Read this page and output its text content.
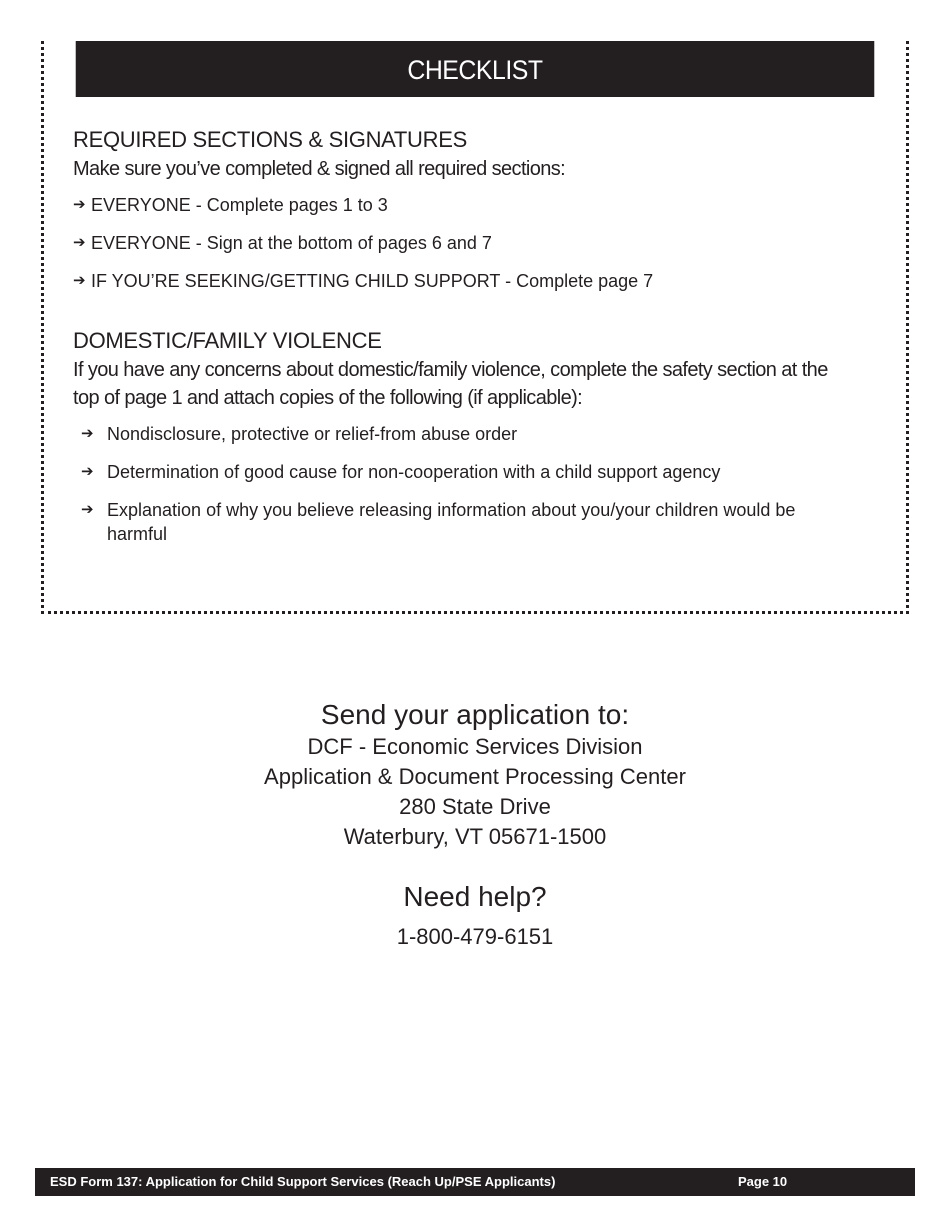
CHECKLIST

REQUIRED SECTIONS & SIGNATURES

Make sure you’ve completed & signed all required sections:

➔ EVERYONE - Complete pages 1 to 3

➔ EVERYONE - Sign at the bottom of pages 6 and 7

➔ IF YOU’RE SEEKING/GETTING CHILD SUPPORT - Complete page 7

DOMESTIC/FAMILY VIOLENCE

If you have any concerns about domestic/family violence, complete the safety section at the

top of page 1 and attach copies of the following (if applicable):

➔ Nondisclosure, protective or relief-from abuse order

➔ Determination of good cause for non-cooperation with a child support agency

➔ Explanation of why you believe releasing information about you/your children would be harmful

Send your application to:

DCF - Economic Services Division

Application & Document Processing Center

280 State Drive

Waterbury, VT 05671-1500

Need help?

1-800-479-6151

ESD Form 137: Application for Child Support Services (Reach Up/PSE Applicants)	Page 10
